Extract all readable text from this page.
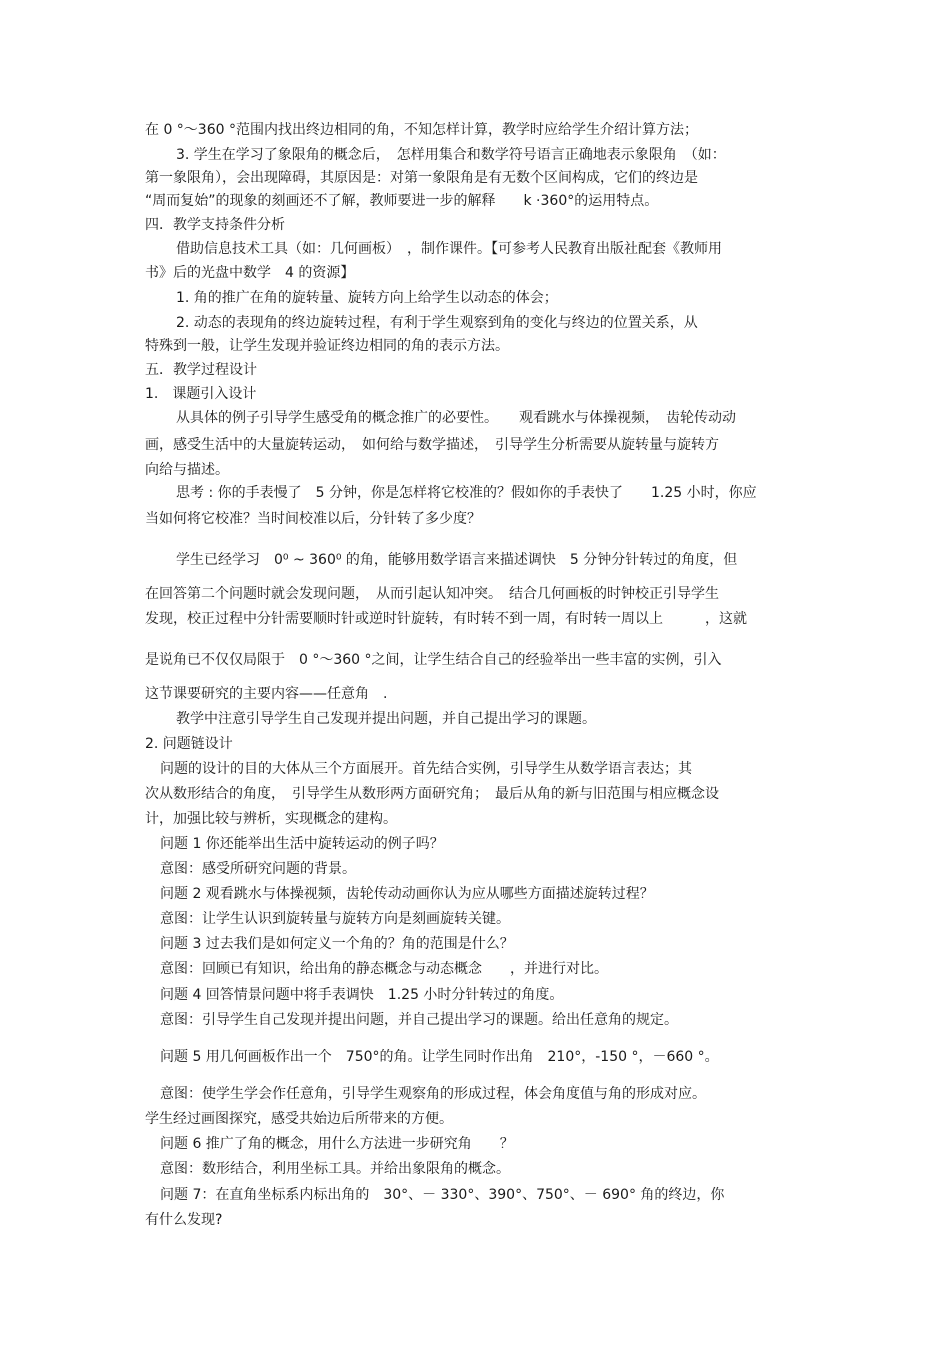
在 0 °～360 °范围内找出终边相同的角，不知怎样计算，教学时应给学生介绍计算方法；
3. 学生在学习了象限角的概念后，　怎样用集合和数学符号语言正确地表示象限角　（如：
第一象限角），会出现障碍，其原因是：对第一象限角是有无数个区间构成，它们的终边是
“周而复始”的现象的刻画还不了解，教师要进一步的解释　　k ·360°的运用特点。
四．教学支持条件分析
借助信息技术工具（如：几何画板）　，制作课件。【可参考人民教育出版社配套《教师用
书》后的光盘中数学　4 的资源】
1. 角的推广在角的旋转量、旋转方向上给学生以动态的体会；
2. 动态的表现角的终边旋转过程，有利于学生观察到角的变化与终边的位置关系，从
特殊到一般，让学生发现并验证终边相同的角的表示方法。
五．教学过程设计
1.　课题引入设计
从具体的例子引导学生感受角的概念推广的必要性。　　观看跳水与体操视频，　齿轮传动动
画，感受生活中的大量旋转运动，　如何给与数学描述，　引导学生分析需要从旋转量与旋转方
向给与描述。
思考 : 你的手表慢了　5 分钟，你是怎样将它校准的？假如你的手表快了　　1.25 小时，你应
当如何将它校准？当时间校准以后，分针转了多少度？
学生已经学习　0⁰ ~ 360⁰ 的角，能够用数学语言来描述调快　5 分钟分针转过的角度，但
在回答第二个问题时就会发现问题，　从而引起认知冲突。　结合几何画板的时钟校正引导学生
发现，校正过程中分针需要顺时针或逆时针旋转，有时转不到一周，有时转一周以上　　　，这就
是说角已不仅仅局限于　0 °～360 °之间，让学生结合自己的经验举出一些丰富的实例，引入
这节课要研究的主要内容——任意角　.
教学中注意引导学生自己发现并提出问题，并自己提出学习的课题。
2. 问题链设计
问题的设计的目的大体从三个方面展开。首先结合实例，引导学生从数学语言表达；其
次从数形结合的角度，　引导学生从数形两方面研究角；　最后从角的新与旧范围与相应概念设
计，加强比较与辨析，实现概念的建构。
问题 1 你还能举出生活中旋转运动的例子吗？
意图：感受所研究问题的背景。
问题 2 观看跳水与体操视频，齿轮传动动画你认为应从哪些方面描述旋转过程？
意图：让学生认识到旋转量与旋转方向是刻画旋转关键。
问题 3 过去我们是如何定义一个角的？角的范围是什么？
意图：回顾已有知识，给出角的静态概念与动态概念　　，并进行对比。
问题 4 回答情景问题中将手表调快　1.25 小时分针转过的角度。
意图：引导学生自己发现并提出问题，并自己提出学习的课题。给出任意角的规定。
问题 5 用几何画板作出一个　750°的角。让学生同时作出角　210°，-150 °，－660 °。
意图：使学生学会作任意角，引导学生观察角的形成过程，体会角度值与角的形成对应。
学生经过画图探究，感受共始边后所带来的方便。
问题 6 推广了角的概念，用什么方法进一步研究角　　？
意图：数形结合，利用坐标工具。并给出象限角的概念。
问题 7：在直角坐标系内标出角的　30°、－ 330°、390°、750°、－ 690° 角的终边，你
有什么发现?
